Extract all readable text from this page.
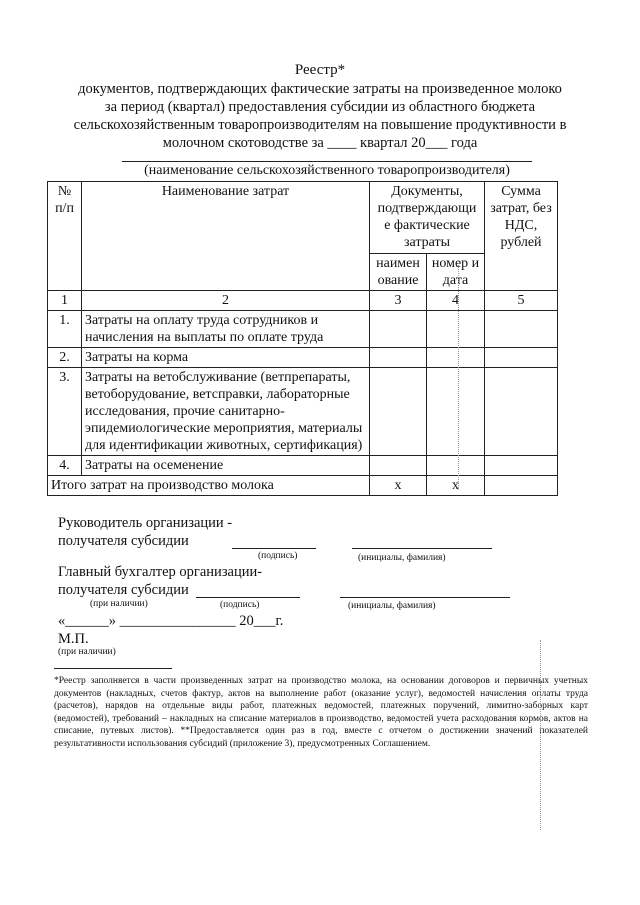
Реестр*
документов, подтверждающих фактические затраты на произведенное молоко
за период (квартал) предоставления субсидии из областного бюджета
сельскохозяйственным товаропроизводителям на повышение продуктивности в
молочном скотоводстве за ____ квартал 20___ года
(наименование сельскохозяйственного товаропроизводителя)
№ п/п	Наименование затрат	Документы, подтверждающи е фактические затраты		Сумма затрат, без НДС, рублей
		наимен ование	номер и дата	
1	2	3	4	5
1.	Затраты на оплату труда сотрудников и начисления на выплаты по оплате труда			
2.	Затраты на корма			
3.	Затраты на ветобслуживание (ветпрепараты, ветоборудование, ветсправки, лабораторные исследования, прочие санитарно-эпидемиологические мероприятия, материалы для идентификации животных, сертификация)			
4.	Затраты на осеменение			
Итого затрат на производство молока		х	х	
Руководитель организации -
получателя субсидии
(подпись)	(инициалы, фамилия)
Главный бухгалтер организации-
получателя субсидии
(при наличии)	(подпись)	(инициалы, фамилия)
«______» ________________ 20___г.
М.П.
(при наличии)
*Реестр заполняется в части произведенных затрат на производство молока, на основании договоров и первичных учетных документов (накладных, счетов фактур, актов на выполнение работ (оказание услуг), ведомостей начисления оплаты труда (расчетов), нарядов на отдельные виды работ, платежных ведомостей, платежных поручений, лимитно-заборных карт (ведомостей), требований – накладных на списание материалов в производство, ведомостей учета расходования кормов, актов на списание, путевых листов). **Предоставляется один раз в год, вместе с отчетом о достижении значений показателей результативности использования субсидий (приложение 3), предусмотренных Соглашением.
